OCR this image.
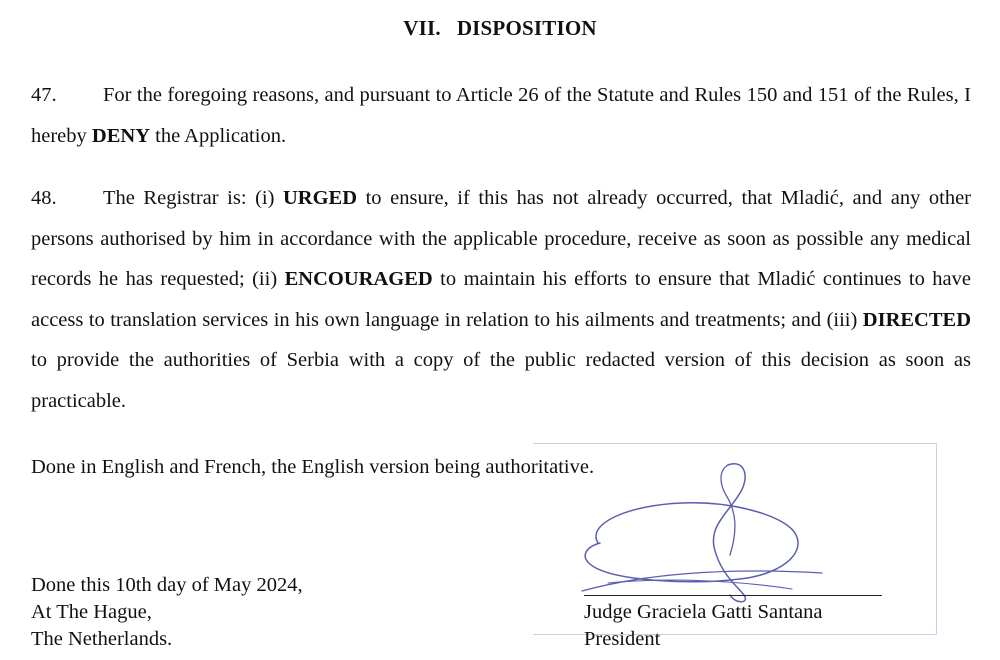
VII. DISPOSITION

47. For the foregoing reasons, and pursuant to Article 26 of the Statute and Rules 150 and 151 of the Rules, I hereby DENY the Application.

48. The Registrar is: (i) URGED to ensure, if this has not already occurred, that Mladić, and any other persons authorised by him in accordance with the applicable procedure, receive as soon as possible any medical records he has requested; (ii) ENCOURAGED to maintain his efforts to ensure that Mladić continues to have access to translation services in his own language in relation to his ailments and treatments; and (iii) DIRECTED to provide the authorities of Serbia with a copy of the public redacted version of this decision as soon as practicable.

Done in English and French, the English version being authoritative.

Done this 10th day of May 2024,

At The Hague,

The Netherlands.

Judge Graciela Gatti Santana

President
